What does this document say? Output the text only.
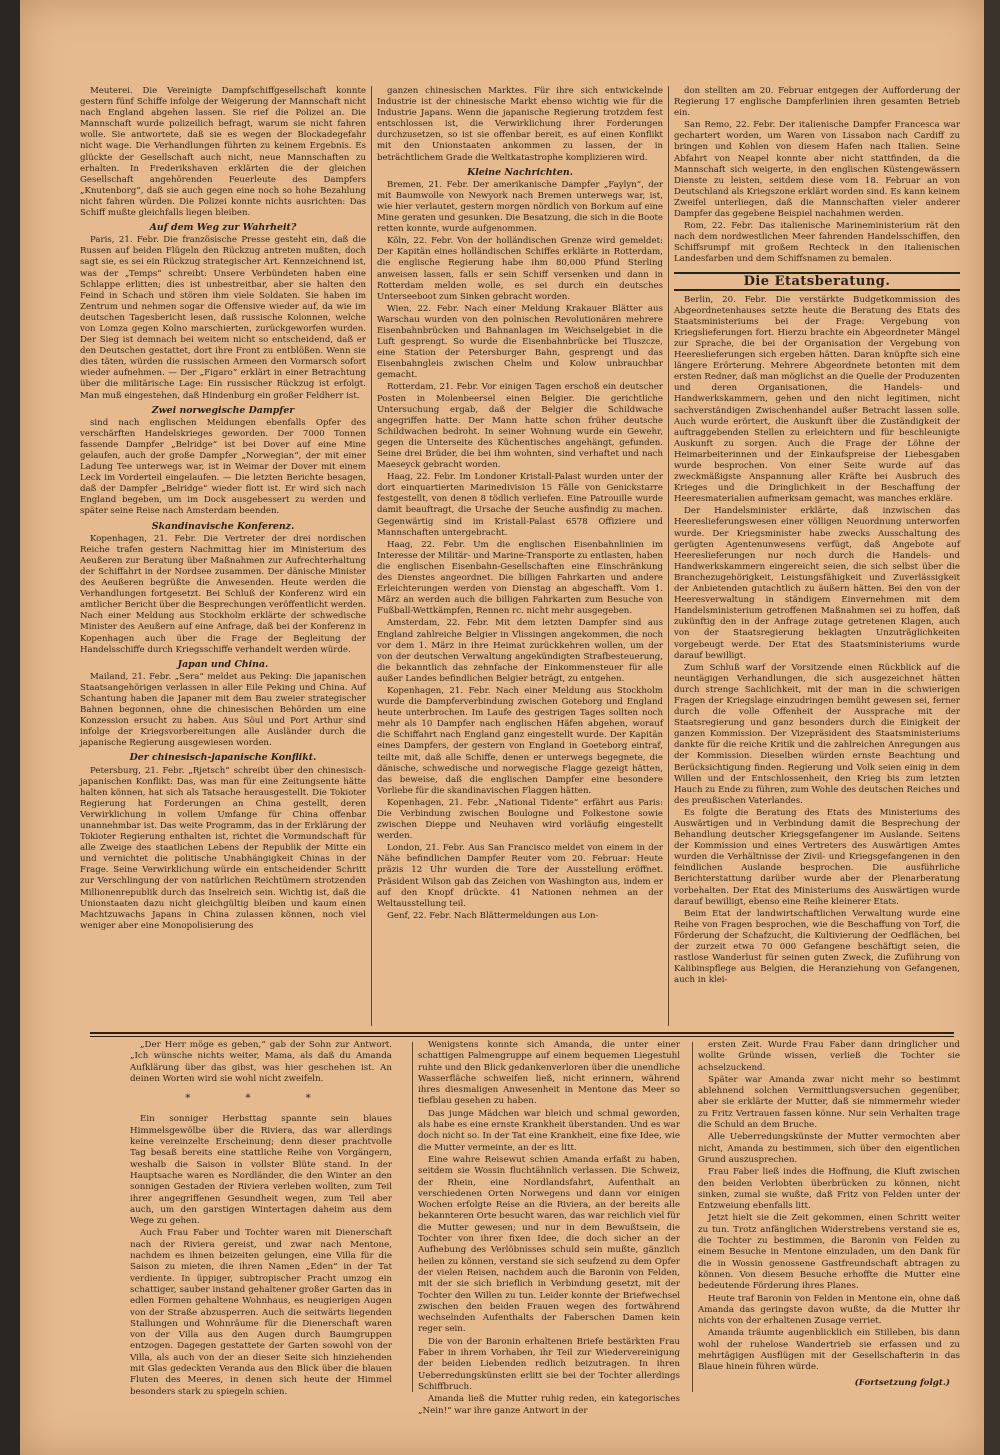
Meuterei. Die Vereinigte Dampfschiffgesellschaft konnte gestern fünf Schiffe infolge der Weigerung der Mannschaft nicht nach England abgehen lassen. Sie rief die Polizei an. Die Mannschaft wurde polizeilich befragt, warum sie nicht fahren wolle. Sie antwortete, daß sie es wegen der Blockadegefahr nicht wage. Die Verhandlungen führten zu keinem Ergebnis. Es glückte der Gesellschaft auch nicht, neue Mannschaften zu erhalten. In Frederikshaven erklärten die der gleichen Gesellschaft angehörenden Feuerleute des Dampfers „Knutenborg“, daß sie auch gegen eine noch so hohe Bezahlung nicht fahren würden. Die Polizei konnte nichts ausrichten: Das Schiff mußte gleichfalls liegen bleiben.

Auf dem Weg zur Wahrheit?

Paris, 21. Febr. Die französische Presse gesteht ein, daß die Russen auf beiden Flügeln den Rückzug antreten mußten, doch sagt sie, es sei ein Rückzug strategischer Art. Kennzeichnend ist, was der „Temps“ schreibt: Unsere Verbündeten haben eine Schlappe erlitten; dies ist unbestreitbar, aber sie halten den Feind in Schach und stören ihm viele Soldaten. Sie haben im Zentrum und nehmen sogar die Offensive wieder auf, da wie im deutschen Tagesbericht lesen, daß russische Kolonnen, welche von Lomza gegen Kolno marschierten, zurückgeworfen wurden. Der Sieg ist demnach bei weitem nicht so entscheidend, daß er den Deutschen gestattet, dort ihre Front zu entblößen. Wenn sie dies täten, würden die russischen Armeen den Vormarsch sofort wieder aufnehmen. — Der „Figaro“ erklärt in einer Betrachtung über die militärische Lage: Ein russischer Rückzug ist erfolgt. Man muß eingestehen, daß Hindenburg ein großer Feldherr ist.

Zwei norwegische Dampfer

sind nach englischen Meldungen ebenfalls Opfer des verschärften Handelskrieges geworden. Der 7000 Tonnen fassende Dampfer „Belridge“ ist bei Dover auf eine Mine gelaufen, auch der große Dampfer „Norwegian“, der mit einer Ladung Tee unterwegs war, ist in Weimar der Dover mit einem Leck im Vorderteil eingelaufen. — Die letzten Berichte besagen, daß der Dampfer „Belridge“ wieder flott ist. Er wird sich nach England begeben, um im Dock ausgebessert zu werden und später seine Reise nach Amsterdam beenden.

Skandinavische Konferenz.

Kopenhagen, 21. Febr. Die Vertreter der drei nordischen Reiche trafen gestern Nachmittag hier im Ministerium des Aeußeren zur Beratung über Maßnahmen zur Aufrechterhaltung der Schiffahrt in der Nordsee zusammen. Der dänische Minister des Aeußeren begrüßte die Anwesenden. Heute werden die Verhandlungen fortgesetzt. Bei Schluß der Konferenz wird ein amtlicher Bericht über die Besprechungen veröffentlicht werden. Nach einer Meldung aus Stockholm erklärte der schwedische Minister des Aeußern auf eine Anfrage, daß bei der Konferenz in Kopenhagen auch über die Frage der Begleitung der Handelsschiffe durch Kriegsschiffe verhandelt werden würde.

Japan und China.

Mailand, 21. Febr. „Sera“ meldet aus Peking: Die japanischen Staatsangehörigen verlassen in aller Eile Peking und China. Auf Schantung haben die Japaner mit dem Bau zweier strategischer Bahnen begonnen, ohne die chinesischen Behörden um eine Konzession ersucht zu haben. Aus Söul und Port Arthur sind infolge der Kriegsvorbereitungen alle Ausländer durch die japanische Regierung ausgewiesen worden.

Der chinesisch-japanische Konflikt.

Petersburg, 21. Febr. „Rjetsch“ schreibt über den chinesisch-japanischen Konflikt: Das, was man für eine Zeitungsente hätte halten können, hat sich als Tatsache herausgestellt. Die Tokioter Regierung hat Forderungen an China gestellt, deren Verwirklichung in vollem Umfange für China offenbar unannehmbar ist. Das weite Programm, das in der Erklärung der Tokioter Regierung enthalten ist, richtet die Vormundschaft für alle Zweige des staatlichen Lebens der Republik der Mitte ein und vernichtet die politische Unabhängigkeit Chinas in der Frage. Seine Verwirklichung würde ein entscheidender Schritt zur Verschlingung der von natürlichen Reichtümern strotzenden Millionenrepublik durch das Inselreich sein. Wichtig ist, daß die Unionstaaten dazu nicht gleichgültig bleiben und kaum einen Machtzuwachs Japans in China zulassen können, noch viel weniger aber eine Monopolisierung des

ganzen chinesischen Marktes. Für ihre sich entwickelnde Industrie ist der chinesische Markt ebenso wichtig wie für die Industrie Japans. Wenn die japanische Regierung trotzdem fest entschlossen ist, die Verwirklichung ihrer Forderungen durchzusetzen, so ist sie offenbar bereit, es auf einen Konflikt mit den Unionstaaten ankommen zu lassen, der in beträchtlichem Grade die Weltkatastrophe komplizieren wird.

Kleine Nachrichten.

Bremen, 21. Febr. Der amerikanische Dampfer „Faylyn“, der mit Baumwolle von Newyork nach Bremen unterwegs war, ist, wie hier verlautet, gestern morgen nördlich von Borkum auf eine Mine geraten und gesunken. Die Besatzung, die sich in die Boote retten konnte, wurde aufgenommen.

Köln, 22. Febr. Von der holländischen Grenze wird gemeldet: Der Kapitän eines holländischen Schiffes erklärte in Rotterdam, die englische Regierung habe ihm 80,000 Pfund Sterling anweisen lassen, falls er sein Schiff versenken und dann in Rotterdam melden wolle, es sei durch ein deutsches Unterseeboot zum Sinken gebracht worden.

Wien, 22. Febr. Nach einer Meldung Krakauer Blätter aus Warschau wurden von den polnischen Revolutionären mehrere Eisenbahnbrücken und Bahnanlagen im Weichselgebiet in die Luft gesprengt. So wurde die Eisenbahnbrücke bei Tluszcze, eine Station der Petersburger Bahn, gesprengt und das Eisenbahngleis zwischen Chelm und Kolow unbrauchbar gemacht.

Rotterdam, 21. Febr. Vor einigen Tagen erschoß ein deutscher Posten in Molenbeersel einen Belgier. Die gerichtliche Untersuchung ergab, daß der Belgier die Schildwache angegriffen hatte. Der Mann hatte schon früher deutsche Schildwachen bedroht. In seiner Wohnung wurde ein Gewehr, gegen die Unterseite des Küchentisches angehängt, gefunden. Seine drei Brüder, die bei ihm wohnten, sind verhaftet und nach Maeseyck gebracht worden.

Haag, 22. Febr. Im Londoner Kristall-Palast wurden unter der dort einquartierten Marinedivision 15 Fälle von Genickstarre festgestellt, von denen 8 tödlich verliefen. Eine Patrouille wurde damit beauftragt, die Ursache der Seuche ausfindig zu machen. Gegenwärtig sind im Kristall-Palast 6578 Offiziere und Mannschaften untergebracht.

Haag, 22. Febr. Um die englischen Eisenbahnlinien im Interesse der Militär- und Marine-Transporte zu entlasten, haben die englischen Eisenbahn-Gesellschaften eine Einschränkung des Dienstes angeordnet. Die billigen Fahrkarten und andere Erleichterungen werden von Dienstag an abgeschafft. Vom 1. März an werden auch die billigen Fahrkarten zum Besuche von Fußball-Wettkämpfen, Rennen rc. nicht mehr ausgegeben.

Amsterdam, 22. Febr. Mit dem letzten Dampfer sind aus England zahlreiche Belgier in Vlissingen angekommen, die noch vor dem 1. März in ihre Heimat zurückkehren wollen, um der von der deutschen Verwaltung angekündigten Strafbesteuerung, die bekanntlich das zehnfache der Einkommensteuer für alle außer Landes befindlichen Belgier beträgt, zu entgehen.

Kopenhagen, 21. Febr. Nach einer Meldung aus Stockholm wurde die Dampferverbindung zwischen Goteborg und England heute unterbrochen. Im Laufe des gestrigen Tages sollten noch mehr als 10 Dampfer nach englischen Häfen abgehen, worauf die Schiffahrt nach England ganz eingestellt wurde. Der Kapitän eines Dampfers, der gestern von England in Goeteborg eintraf, teilte mit, daß alle Schiffe, denen er unterwegs begegnete, die dänische, schwedische und norwegische Flagge gezeigt hätten, das beweise, daß die englischen Dampfer eine besondere Vorliebe für die skandinavischen Flaggen hätten.

Kopenhagen, 21. Febr. „National Tidente“ erfährt aus Paris: Die Verbindung zwischen Boulogne und Folkestone sowie zwischen Dieppe und Neuhaven wird vorläufig eingestellt werden.

London, 21. Febr. Aus San Francisco meldet von einem in der Nähe befindlichen Dampfer Reuter vom 20. Februar: Heute präzis 12 Uhr wurden die Tore der Ausstellung eröffnet. Präsident Wilson gab das Zeichen von Washington aus, indem er auf den Knopf drückte. 41 Nationen nehmen an der Weltausstellung teil.

Genf, 22. Febr. Nach Blättermeldungen aus Lon-

don stellten am 20. Februar entgegen der Aufforderung der Regierung 17 englische Dampferlinien ihren gesamten Betrieb ein.

San Remo, 22. Febr. Der italienische Dampfer Francesca war gechartert worden, um Waren von Lissabon nach Cardiff zu bringen und Kohlen von diesem Hafen nach Italien. Seine Abfahrt von Neapel konnte aber nicht stattfinden, da die Mannschaft sich weigerte, in den englischen Küstengewässern Dienste zu leisten, seitdem diese vom 18. Februar an von Deutschland als Kriegszone erklärt worden sind. Es kann keinem Zweifel unterliegen, daß die Mannschaften vieler anderer Dampfer das gegebene Beispiel nachahmen werden.

Rom, 22. Febr. Das italienische Marineministerium rät den nach dem nordwestlichen Meer fahrenden Handelsschiffen, den Schiffsrumpf mit großem Rechteck in den italienischen Landesfarben und dem Schiffsnamen zu bemalen.

Die Etatsberatung.

Berlin, 20. Febr. Die verstärkte Budgetkommission des Abgeordnetenhauses setzte heute die Beratung des Etats des Staatsministeriums bei der Frage: Vergebung von Kriegslieferungen fort. Hierzu brachte ein Abgeordneter Mängel zur Sprache, die bei der Organisation der Vergebung von Heereslieferungen sich ergeben hätten. Daran knüpfte sich eine längere Erörterung. Mehrere Abgeordnete betonten mit dem ersten Redner, daß man möglichst an die Quelle der Produzenten und deren Organisationen, die Handels- und Handwerkskammern, gehen und den nicht legitimen, nicht sachverständigen Zwischenhandel außer Betracht lassen solle. Auch wurde erörtert, die Auskunft über die Zuständigkeit der auftraggebenden Stellen zu erleichtern und für beschleunigte Auskunft zu sorgen. Auch die Frage der Löhne der Heimarbeiterinnen und der Einkaufspreise der Liebesgaben wurde besprochen. Von einer Seite wurde auf das zweckmäßigste Anspannung aller Kräfte bei Ausbruch des Krieges und die Dringlichkeit in der Beschaffung der Heeresmaterialien aufmerksam gemacht, was manches erkläre.

Der Handelsminister erklärte, daß inzwischen das Heereslieferungswesen einer völligen Neuordnung unterworfen wurde. Der Kriegsminister habe zwecks Ausschaltung des gerügten Agentenunwesens verfügt, daß Angebote auf Heereslieferungen nur noch durch die Handels- und Handwerkskammern eingereicht seien, die sich selbst über die Branchezugehörigkeit, Leistungsfähigkeit und Zuverlässigkeit der Anbietenden gutachtlich zu äußern hätten. Bei den von der Heeresverwaltung in ständigem Einvernehmen mit dem Handelsministerium getroffenen Maßnahmen sei zu hoffen, daß zukünftig den in der Anfrage zutage getretenen Klagen, auch von der Staatsregierung beklagten Unzuträglichkeiten vorgebeugt werde. Der Etat des Staatsministeriums wurde darauf bewilligt.

Zum Schluß warf der Vorsitzende einen Rückblick auf die neuntägigen Verhandlungen, die sich ausgezeichnet hätten durch strenge Sachlichkeit, mit der man in die schwierigen Fragen der Kriegslage einzudringen bemüht gewesen sei, ferner durch die volle Offenheit der Aussprache mit der Staatsregierung und ganz besonders durch die Einigkeit der ganzen Kommission. Der Vizepräsident des Staatsministeriums dankte für die reiche Kritik und die zahlreichen Anregungen aus der Kommission. Dieselben würden ernste Beachtung und Berücksichtigung finden. Regierung und Volk seien einig in dem Willen und der Entschlossenheit, den Krieg bis zum letzten Hauch zu Ende zu führen, zum Wohle des deutschen Reiches und des preußischen Vaterlandes.

Es folgte die Beratung des Etats des Ministeriums des Auswärtigen und in Verbindung damit die Besprechung der Behandlung deutscher Kriegsgefangener im Auslande. Seitens der Kommission und eines Vertreters des Auswärtigen Amtes wurden die Verhältnisse der Zivil- und Kriegsgefangenen in den feindlichen Auslande besprochen. Die ausführliche Berichterstattung darüber wurde aber der Plenarberatung vorbehalten. Der Etat des Ministeriums des Auswärtigen wurde darauf bewilligt, ebenso eine Reihe kleinerer Etats.

Beim Etat der landwirtschaftlichen Verwaltung wurde eine Reihe von Fragen besprochen, wie die Beschaffung von Torf, die Förderung der Schafzucht, die Kultivierung der Oedflächen, bei der zurzeit etwa 70 000 Gefangene beschäftigt seien, die rastlose Wanderlust für seinen guten Zweck, die Zuführung von Kalibinspflege aus Belgien, die Heranziehung von Gefangenen, auch in klei-

„Der Herr möge es geben,“ gab der Sohn zur Antwort. „Ich wünsche nichts weiter, Mama, als daß du Amanda Aufklärung über das gibst, was hier geschehen ist. An deinen Worten wird sie wohl nicht zweifeln.

* * *

Ein sonniger Herbsttag spannte sein blaues Himmelsgewölbe über die Riviera, das war allerdings keine vereinzelte Erscheinung; denn dieser prachtvolle Tag besaß bereits eine stattliche Reihe von Vorgängern, weshalb die Saison in vollster Blüte stand. In der Hauptsache waren es Nordländer, die den Winter an den sonnigen Gestaden der Riviera verleben wollten, zum Teil ihrer angegriffenen Gesundheit wegen, zum Teil aber auch, um den garstigen Wintertagen daheim aus dem Wege zu gehen.

Auch Frau Faber und Tochter waren mit Dienerschaft nach der Riviera gereist, und zwar nach Mentone, nachdem es ihnen beizeiten gelungen, eine Villa für die Saison zu mieten, die ihren Namen „Eden“ in der Tat verdiente. In üppiger, subtropischer Pracht umzog ein schattiger, sauber instand gehaltener großer Garten das in edlen Formen gehaltene Wohnhaus, es neugierigen Augen von der Straße abzusperren. Auch die seitwärts liegenden Stallungen und Wohnräume für die Dienerschaft waren von der Villa aus den Augen durch Baumgruppen entzogen. Dagegen gestattete der Garten sowohl von der Villa, als auch von der an dieser Seite sich hinziehenden mit Glas gedeckten Veranda aus den Blick über die blauen Fluten des Meeres, in denen sich heute der Himmel besonders stark zu spiegeln schien.

Wenigstens konnte sich Amanda, die unter einer schattigen Palmengruppe auf einem bequemen Liegestuhl ruhte und den Blick gedankenverloren über die unendliche Wasserfläche schweifen ließ, nicht erinnern, während ihres diesmaligen Anwesenheit in Mentone das Meer so tiefblau gesehen zu haben.

Das junge Mädchen war bleich und schmal geworden, als habe es eine ernste Krankheit überstanden. Und es war doch nicht so. In der Tat eine Krankheit, eine fixe Idee, wie die Mutter vermeinte, an der es litt.

Eine wahre Reisewut schien Amanda erfaßt zu haben, seitdem sie Wossin fluchtähnlich verlassen. Die Schweiz, der Rhein, eine Nordlandsfahrt, Aufenthalt an verschiedenen Orten Norwegens und dann vor einigen Wochen erfolgte Reise an die Riviera, an der bereits alle bekannteren Orte besucht waren, das war reichlich viel für die Mutter gewesen; und nur in dem Bewußtsein, die Tochter von ihrer fixen Idee, die doch sicher an der Aufhebung des Verlöbnisses schuld sein mußte, gänzlich heilen zu können, verstand sie sich seufzend zu dem Opfer der vielen Reisen, nachdem auch die Baronin von Felden, mit der sie sich brieflich in Verbindung gesetzt, mit der Tochter den Willen zu tun. Leider konnte der Briefwechsel zwischen den beiden Frauen wegen des fortwährend wechselnden Aufenthalts der Faberschen Damen kein reger sein.

Die von der Baronin erhaltenen Briefe bestärkten Frau Faber in ihrem Vorhaben, ihr Teil zur Wiedervereinigung der beiden Liebenden redlich beizutragen. In ihren Ueberredungskünsten erlitt sie bei der Tochter allerdings Schiffbruch.

Amanda ließ die Mutter ruhig reden, ein kategorisches „Nein!“ war ihre ganze Antwort in der

ersten Zeit. Wurde Frau Faber dann dringlicher und wollte Gründe wissen, verließ die Tochter sie achselzuckend.

Später war Amanda zwar nicht mehr so bestimmt ablehnend solchen Vermittlungsversuchen gegenüber, aber sie erklärte der Mutter, daß sie nimmermehr wieder zu Fritz Vertrauen fassen könne. Nur sein Verhalten trage die Schuld an dem Bruche.

Alle Ueberredungskünste der Mutter vermochten aber nicht, Amanda zu bestimmen, sich über den eigentlichen Grund auszusprechen.

Frau Faber ließ indes die Hoffnung, die Kluft zwischen den beiden Verlobten überbrücken zu können, nicht sinken, zumal sie wußte, daß Fritz von Felden unter der Entzweiung ebenfalls litt.

Jetzt hielt sie die Zeit gekommen, einen Schritt weiter zu tun. Trotz anfänglichen Widerstrebens verstand sie es, die Tochter zu bestimmen, die Baronin von Felden zu einem Besuche in Mentone einzuladen, um den Dank für die in Wossin genossene Gastfreundschaft abtragen zu können. Von diesem Besuche erhoffte die Mutter eine bedeutende Förderung ihres Planes.

Heute traf Baronin von Felden in Mentone ein, ohne daß Amanda das geringste davon wußte, da die Mutter ihr nichts von der erhaltenen Zusage verriet.

Amanda träumte augenblicklich ein Stilleben, bis dann wohl der ruhelose Wandertrieb sie erfassen und zu mehrtägigen Ausflügen mit der Gesellschafterin in das Blaue hinein führen würde.

(Fortsetzung folgt.)
